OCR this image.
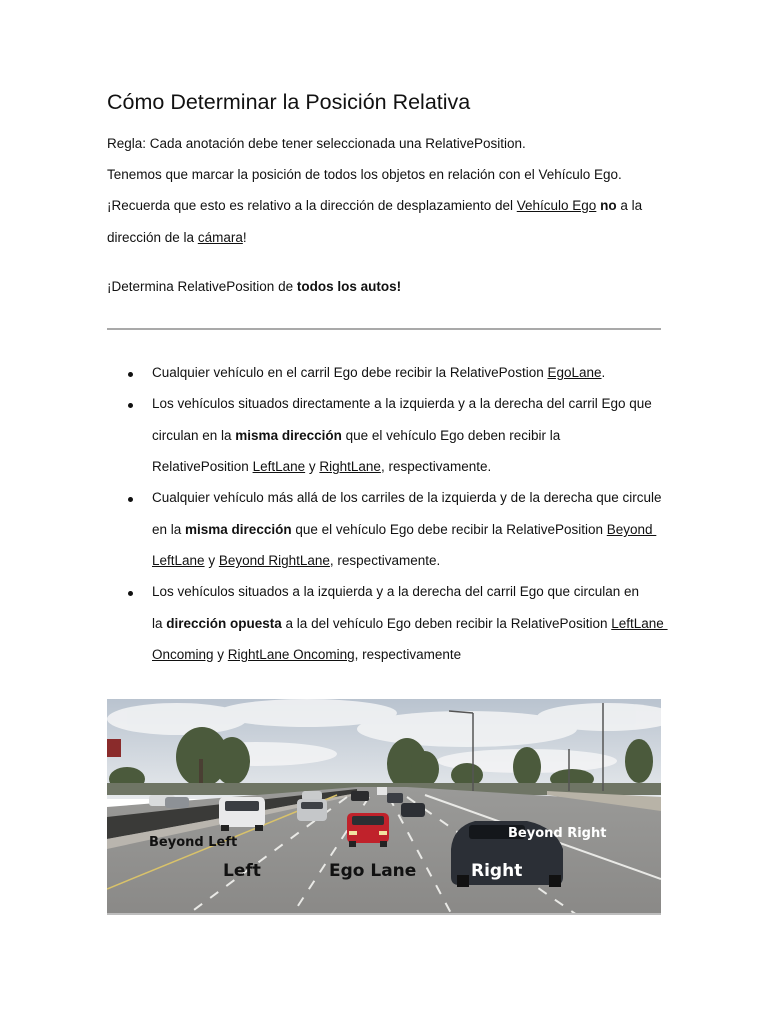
Cómo Determinar la Posición Relativa

Regla: Cada anotación debe tener seleccionada una RelativePosition.

Tenemos que marcar la posición de todos los objetos en relación con el Vehículo Ego.

¡Recuerda que esto es relativo a la dirección de desplazamiento del Vehículo Ego no a la

dirección de la cámara!

¡Determina RelativePosition de todos los autos!

Cualquier vehículo en el carril Ego debe recibir la RelativePostion EgoLane.

Los vehículos situados directamente a la izquierda y a la derecha del carril Ego que

circulan en la misma dirección que el vehículo Ego deben recibir la

RelativePosition LeftLane y RightLane, respectivamente.

Cualquier vehículo más allá de los carriles de la izquierda y de la derecha que circule

en la misma dirección que el vehículo Ego debe recibir la RelativePosition Beyond

LeftLane y Beyond RightLane, respectivamente.

Los vehículos situados a la izquierda y a la derecha del carril Ego que circulan en

la dirección opuesta a la del vehículo Ego deben recibir la RelativePosition LeftLane

Oncoming y RightLane Oncoming, respectivamente

Beyond Left
Left	Ego Lane	Right
Beyond Right
